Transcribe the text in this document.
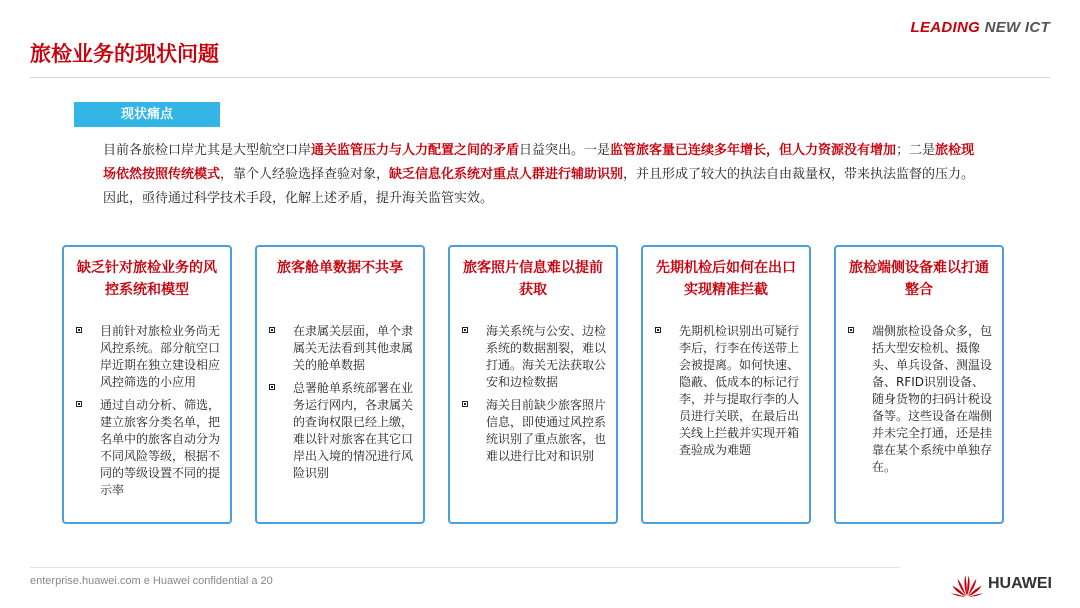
LEADING NEW ICT
旅检业务的现状问题
现状痛点
目前各旅检口岸尤其是大型航空口岸通关监管压力与人力配置之间的矛盾日益突出。一是监管旅客量已连续多年增长，但人力资源没有增加；二是旅检现场依然按照传统模式，靠个人经验选择查验对象，缺乏信息化系统对重点人群进行辅助识别，并且形成了较大的执法自由裁量权，带来执法监督的压力。因此，亟待通过科学技术手段，化解上述矛盾，提升海关监管实效。
缺乏针对旅检业务的风控系统和模型
目前针对旅检业务尚无风控系统。部分航空口岸近期在独立建设相应风控筛选的小应用
通过自动分析、筛选，建立旅客分类名单，把名单中的旅客自动分为不同风险等级，根据不同的等级设置不同的提示率
旅客舱单数据不共享
在隶属关层面，单个隶属关无法看到其他隶属关的舱单数据
总署舱单系统部署在业务运行网内，各隶属关的查询权限已经上缴，难以针对旅客在其它口岸出入境的情况进行风险识别
旅客照片信息难以提前获取
海关系统与公安、边检系统的数据割裂，难以打通。海关无法获取公安和边检数据
海关目前缺少旅客照片信息，即使通过风控系统识别了重点旅客，也难以进行比对和识别
先期机检后如何在出口实现精准拦截
先期机检识别出可疑行李后，行李在传送带上会被提离。如何快速、隐蔽、低成本的标记行李，并与提取行李的人员进行关联，在最后出关线上拦截并实现开箱查验成为难题
旅检端侧设备难以打通整合
端侧旅检设备众多，包括大型安检机、摄像头、单兵设备、测温设备、RFID识别设备、随身货物的扫码计税设备等。这些设备在端侧并未完全打通，还是挂靠在某个系统中单独存在。
enterprise.huawei.com e Huawei confidential a 20	HUAWEI
